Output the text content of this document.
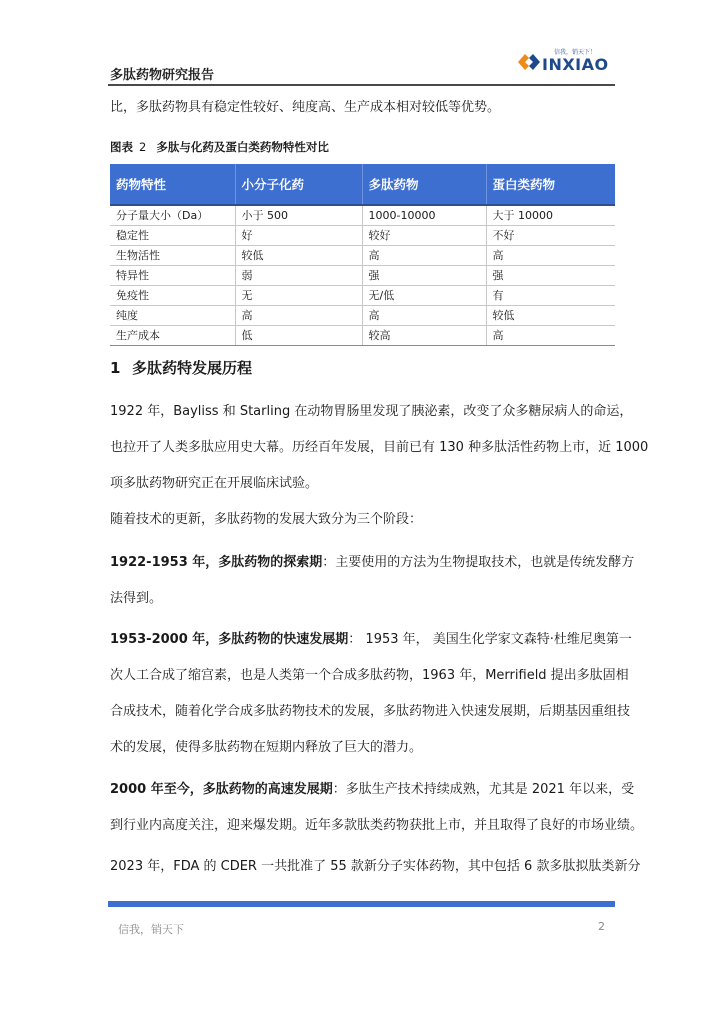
多肽药物研究报告
信我，销天下！
INXIAO
比，多肽药物具有稳定性较好、纯度高、生产成本相对较低等优势。
图表 2 多肽与化药及蛋白类药物特性对比
药物特性	小分子化药	多肽药物	蛋白类药物
分子量大小（Da）	小于 500	1000-10000	大于 10000
稳定性	好	较好	不好
生物活性	较低	高	高
特异性	弱	强	强
免疫性	无	无/低	有
纯度	高	高	较低
生产成本	低	较高	高
1 多肽药特发展历程
1922 年，Bayliss 和 Starling 在动物胃肠里发现了胰泌素，改变了众多糖尿病人的命运，
也拉开了人类多肽应用史大幕。历经百年发展，目前已有 130 种多肽活性药物上市，近 1000
项多肽药物研究正在开展临床试验。
随着技术的更新，多肽药物的发展大致分为三个阶段：
1922-1953 年，多肽药物的探索期：主要使用的方法为生物提取技术，也就是传统发酵方
法得到。
1953-2000 年，多肽药物的快速发展期： 1953 年， 美国生化学家文森特·杜维尼奥第一
次人工合成了缩宫素，也是人类第一个合成多肽药物，1963 年，Merrifield 提出多肽固相
合成技术，随着化学合成多肽药物技术的发展，多肽药物进入快速发展期，后期基因重组技
术的发展，使得多肽药物在短期内释放了巨大的潜力。
2000 年至今，多肽药物的高速发展期：多肽生产技术持续成熟，尤其是 2021 年以来，受
到行业内高度关注，迎来爆发期。近年多款肽类药物获批上市，并且取得了良好的市场业绩。
2023 年，FDA 的 CDER 一共批准了 55 款新分子实体药物，其中包括 6 款多肽拟肽类新分
信我，销天下	2
